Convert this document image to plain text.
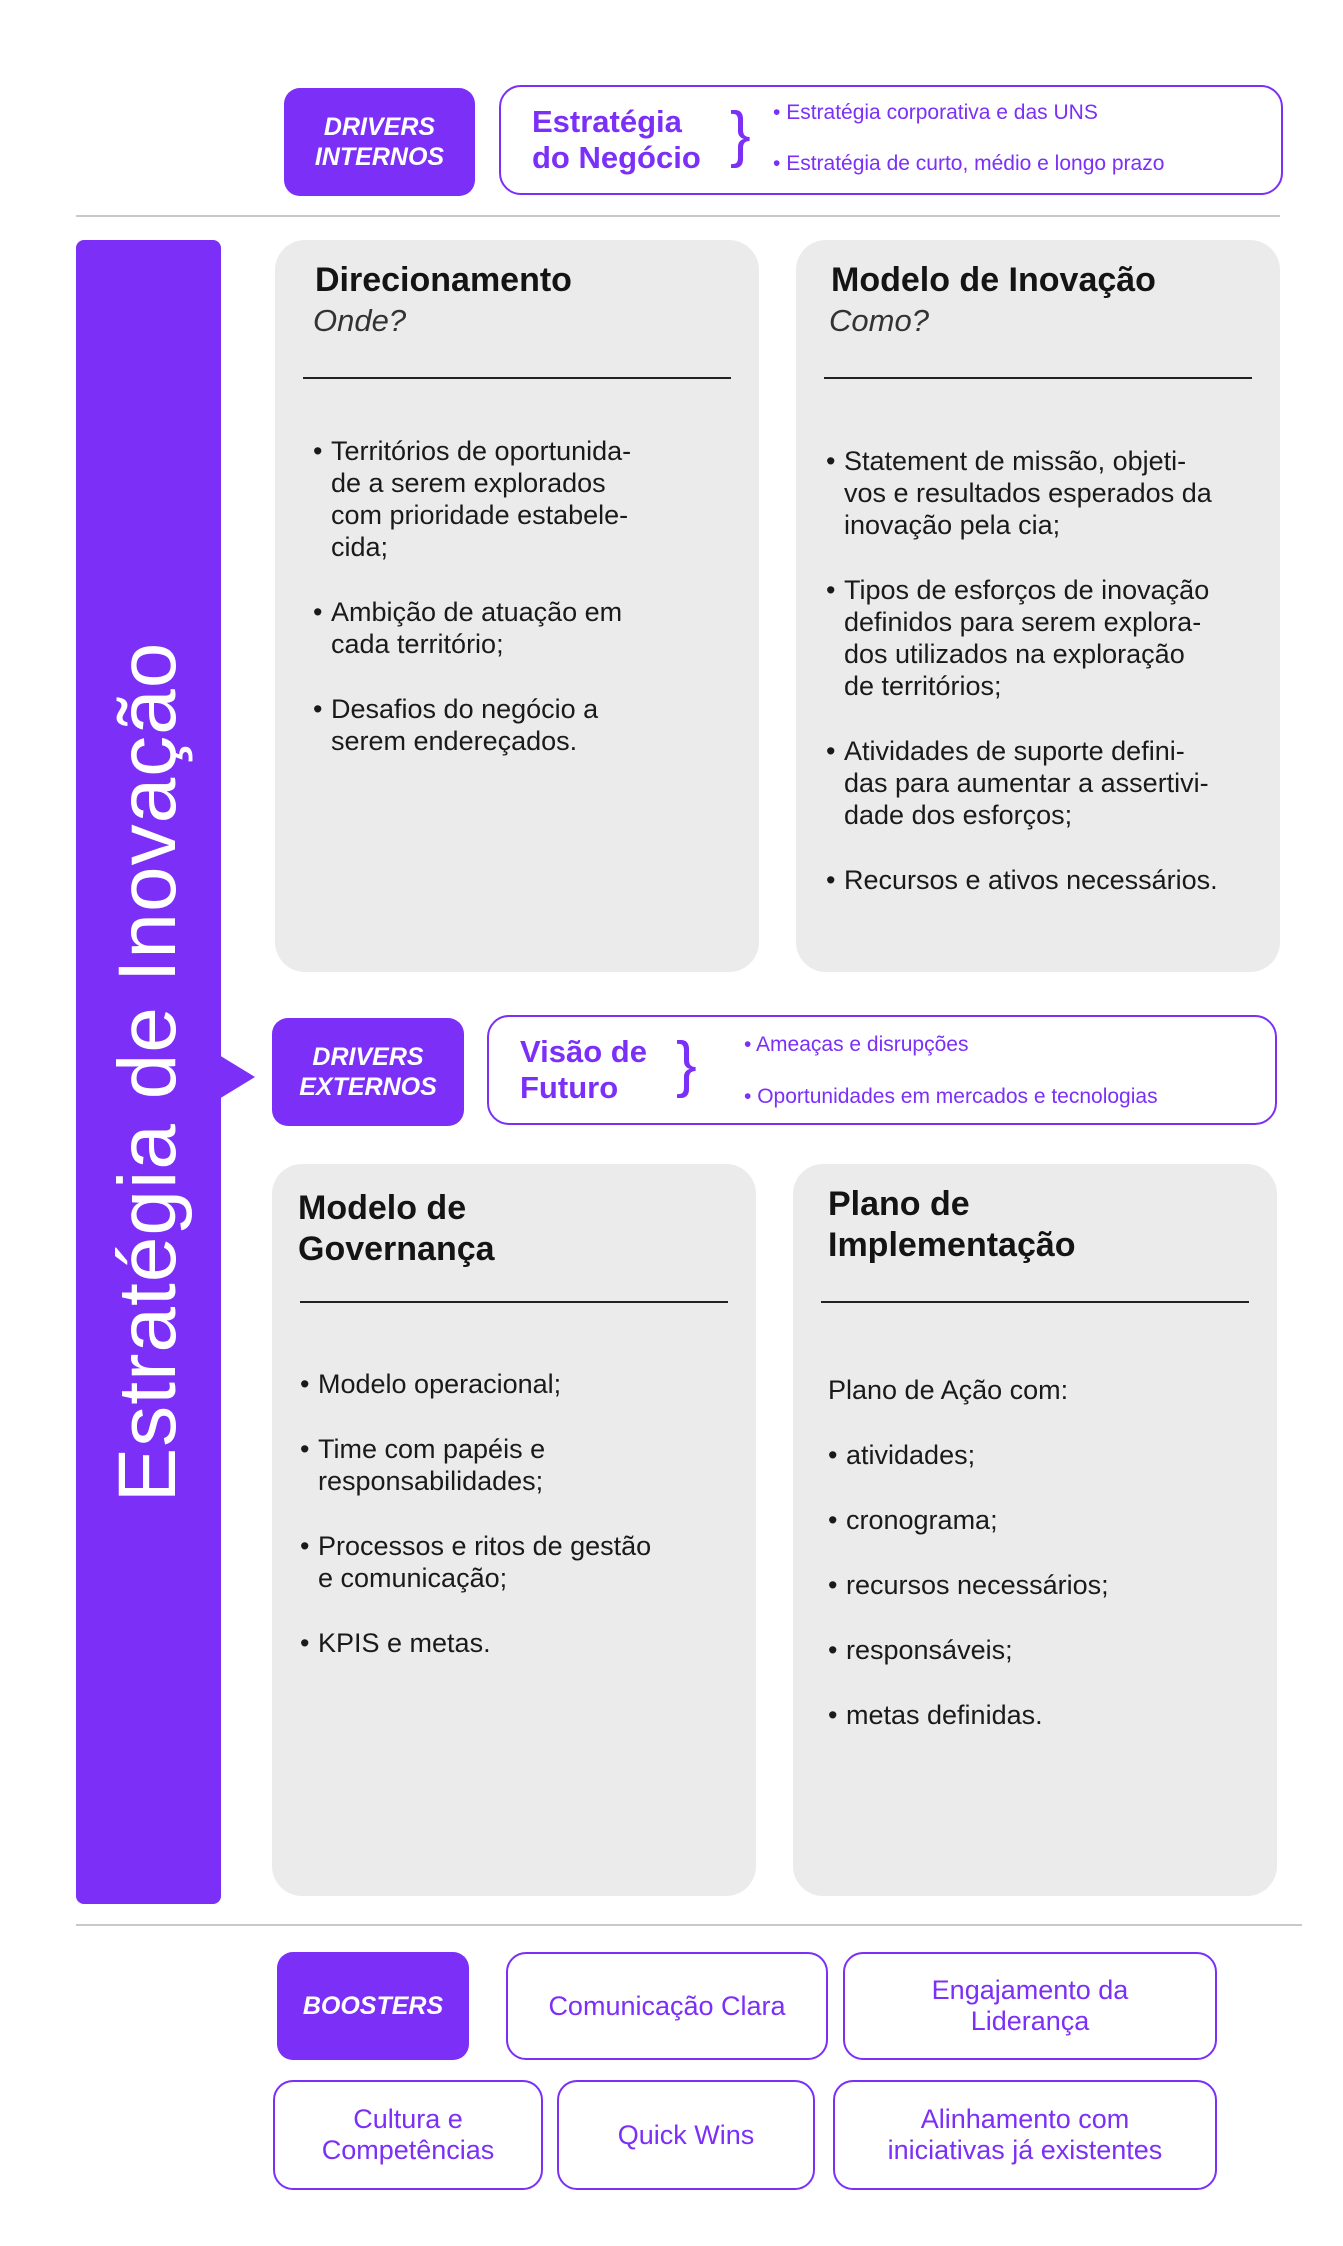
DRIVERS
INTERNOS
Estratégia
do Negócio } • Estratégia corporativa e das UNS
• Estratégia de curto, médio e longo prazo
Estratégia de Inovação
Direcionamento
Onde?
• Territórios de oportunida-
de a serem explorados
com prioridade estabele-
cida;
• Ambição de atuação em
cada território;
• Desafios do negócio a
serem endereçados.
Modelo de Inovação
Como?
• Statement de missão, objeti-
vos e resultados esperados da
inovação pela cia;
• Tipos de esforços de inovação
definidos para serem explora-
dos utilizados na exploração
de territórios;
• Atividades de suporte defini-
das para aumentar a assertivi-
dade dos esforços;
• Recursos e ativos necessários.
DRIVERS
EXTERNOS
Visão de
Futuro } • Ameaças e disrupções
• Oportunidades em mercados e tecnologias
Modelo de
Governança
• Modelo operacional;
• Time com papéis e
responsabilidades;
• Processos e ritos de gestão
e comunicação;
• KPIS e metas.
Plano de
Implementação
Plano de Ação com:
• atividades;
• cronograma;
• recursos necessários;
• responsáveis;
• metas definidas.
BOOSTERS	Comunicação Clara
Engajamento da
Liderança
Cultura e
Competências
Quick Wins
Alinhamento com
iniciativas já existentes
